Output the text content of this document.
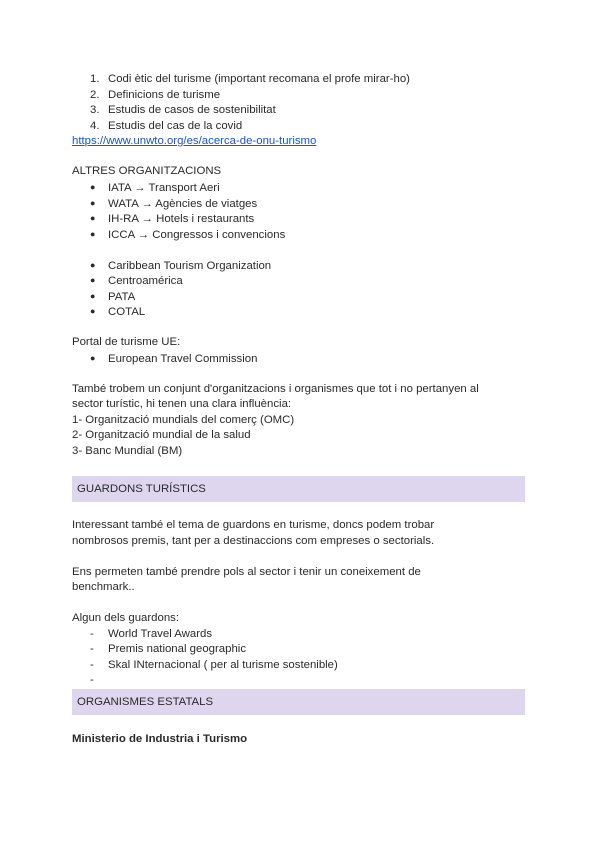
1. Codi ètic del turisme (important recomana el profe mirar-ho)
2. Definicions de turisme
3. Estudis de casos de sostenibilitat
4. Estudis del cas de la covid
https://www.unwto.org/es/acerca-de-onu-turismo
ALTRES ORGANITZACIONS
● IATA → Transport Aeri
● WATA → Agències de viatges
● IH-RA → Hotels i restaurants
● ICCA → Congressos i convencions
● Caribbean Tourism Organization
● Centroamérica
● PATA
● COTAL
Portal de turisme UE:
● European Travel Commission
També trobem un conjunt d'organitzacions i organismes que tot i no pertanyen al
sector turístic, hi tenen una clara influència:
1- Organització mundials del comerç (OMC)
2- Organització mundial de la salud
3- Banc Mundial (BM)
GUARDONS TURÍSTICS
Interessant també el tema de guardons en turisme, doncs podem trobar
nombrosos premis, tant per a destinaccions com empreses o sectorials.
Ens permeten també prendre pols al sector i tenir un coneixement de
benchmark..
Algun dels guardons:
- World Travel Awards
- Premis national geographic
- Skal INternacional ( per al turisme sostenible)
-
ORGANISMES ESTATALS
Ministerio de Industria i Turismo
